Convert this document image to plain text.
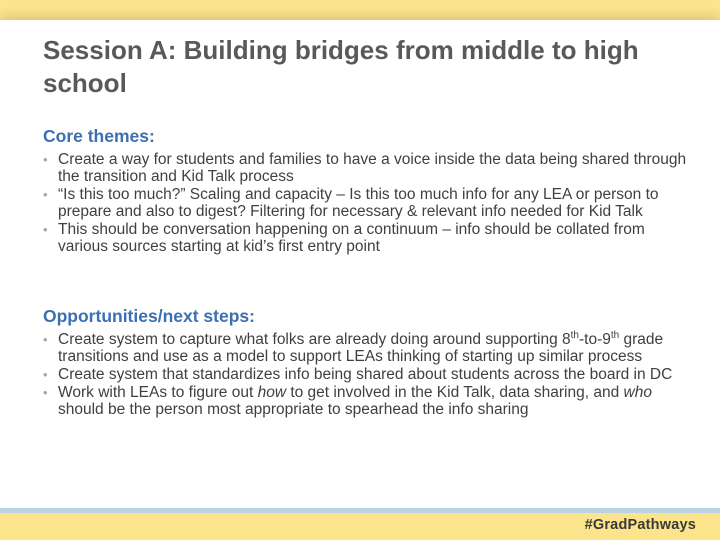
Session A: Building bridges from middle to high school
Core themes:
• Create a way for students and families to have a voice inside the data being shared through the transition and Kid Talk process
• “Is this too much?” Scaling and capacity – Is this too much info for any LEA or person to prepare and also to digest? Filtering for necessary & relevant info needed for Kid Talk
• This should be conversation happening on a continuum – info should be collated from various sources starting at kid’s first entry point
Opportunities/next steps:
• Create system to capture what folks are already doing around supporting 8th-to-9th grade transitions and use as a model to support LEAs thinking of starting up similar process
• Create system that standardizes info being shared about students across the board in DC
• Work with LEAs to figure out how to get involved in the Kid Talk, data sharing, and who should be the person most appropriate to spearhead the info sharing
#GradPathways
